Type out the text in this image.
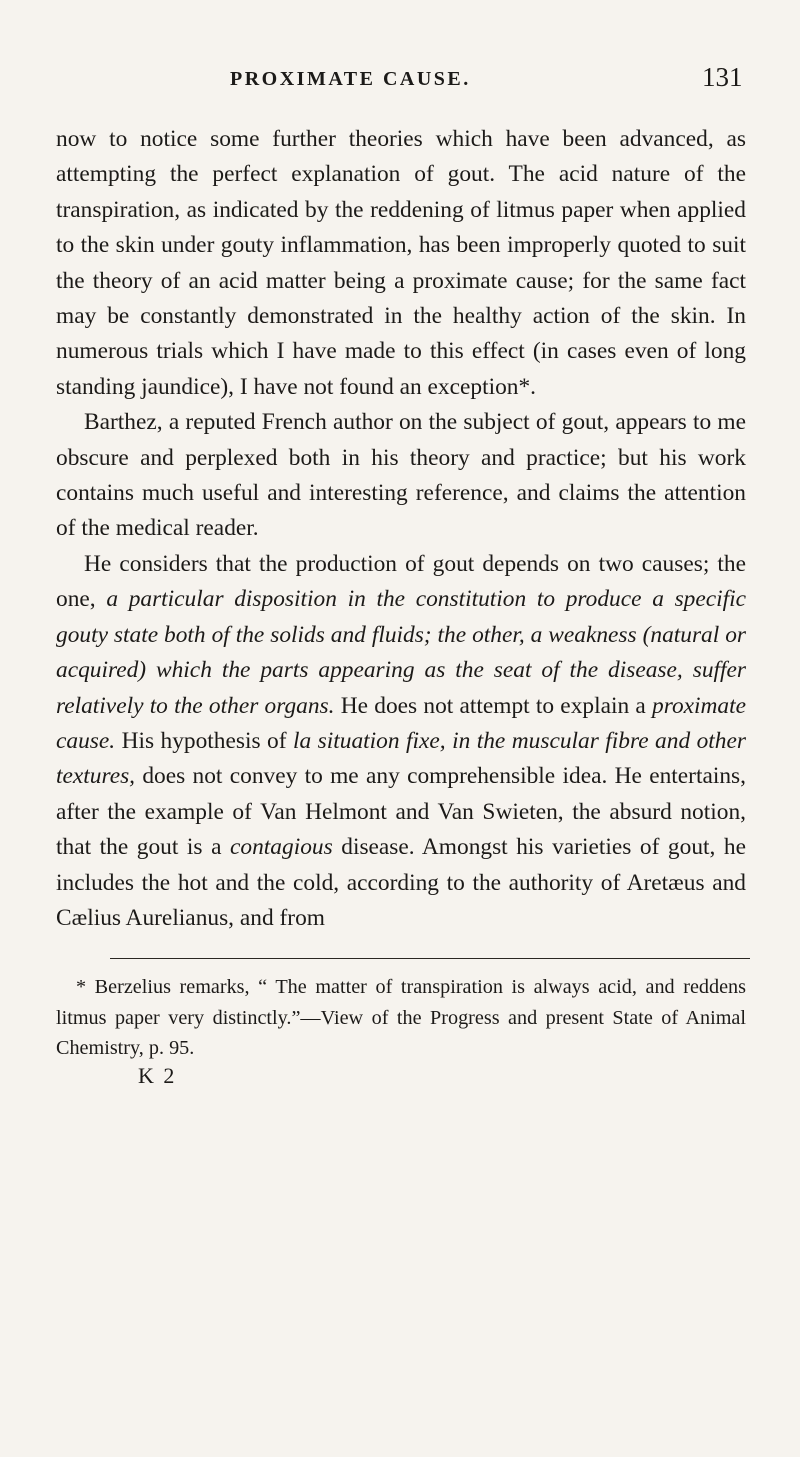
PROXIMATE CAUSE.	131

now to notice some further theories which have been advanced, as attempting the perfect explanation of gout. The acid nature of the transpiration, as indicated by the reddening of litmus paper when applied to the skin under gouty inflammation, has been improperly quoted to suit the theory of an acid matter being a proximate cause; for the same fact may be constantly demonstrated in the healthy action of the skin. In numerous trials which I have made to this effect (in cases even of long standing jaundice), I have not found an exception*.

Barthez, a reputed French author on the subject of gout, appears to me obscure and perplexed both in his theory and practice; but his work contains much useful and interesting reference, and claims the attention of the medical reader.

He considers that the production of gout depends on two causes; the one, a particular disposition in the constitution to produce a specific gouty state both of the solids and fluids; the other, a weakness (natural or acquired) which the parts appearing as the seat of the disease, suffer relatively to the other organs. He does not attempt to explain a proximate cause. His hypothesis of la situation fixe, in the muscular fibre and other textures, does not convey to me any comprehensible idea. He entertains, after the example of Van Helmont and Van Swieten, the absurd notion, that the gout is a contagious disease. Amongst his varieties of gout, he includes the hot and the cold, according to the authority of Aretæus and Cælius Aurelianus, and from

* Berzelius remarks, “ The matter of transpiration is always acid, and reddens litmus paper very distinctly.”—View of the Progress and present State of Animal Chemistry, p. 95.

K 2
